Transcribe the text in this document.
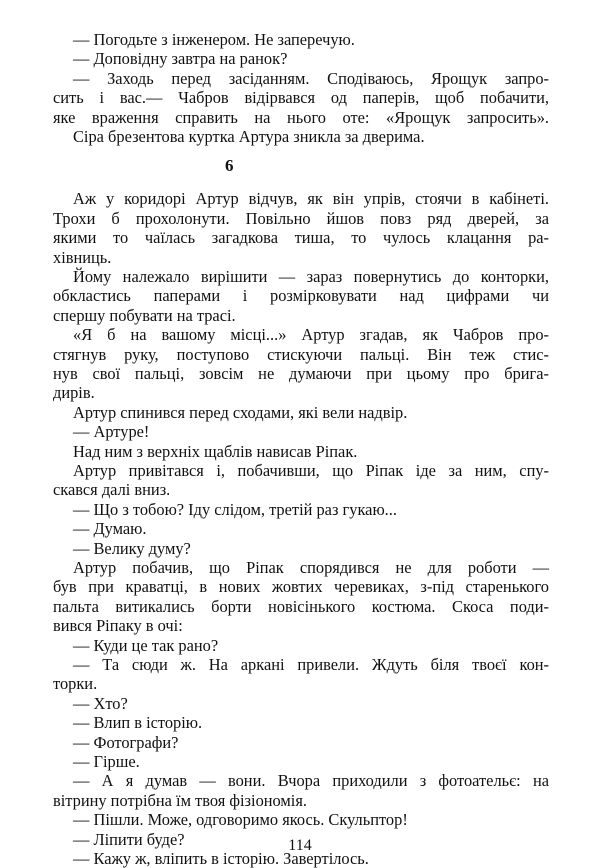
— Погодьте з інженером. Не заперечую.
— Доповідну завтра на ранок?
— Заходь перед засіданням. Сподіваюсь, Ярощук запро-
сить і вас.— Чабров відірвався од паперів, щоб побачити,
яке враження справить на нього оте: «Ярощук запросить».
Сіра брезентова куртка Артура зникла за дверима.
6
Аж у коридорі Артур відчув, як він упрів, стоячи в кабінеті.
Трохи б прохолонути. Повільно йшов повз ряд дверей, за
якими то чаїлась загадкова тиша, то чулось клацання ра-
хівниць.
Йому належало вирішити — зараз повернутись до конторки,
обкластись паперами і розмірковувати над цифрами чи
спершу побувати на трасі.
«Я б на вашому місці...» Артур згадав, як Чабров про-
стягнув руку, поступово стискуючи пальці. Він теж стис-
нув свої пальці, зовсім не думаючи при цьому про брига-
дирів.
Артур спинився перед сходами, які вели надвір.
— Артуре!
Над ним з верхніх щаблів нависав Ріпак.
Артур привітався і, побачивши, що Ріпак іде за ним, спу-
скався далі вниз.
— Що з тобою? Іду слідом, третій раз гукаю...
— Думаю.
— Велику думу?
Артур побачив, що Ріпак спорядився не для роботи —
був при краватці, в нових жовтих черевиках, з-під старенького
пальта витикались борти новісінького костюма. Скоса поди-
вився Ріпаку в очі:
— Куди це так рано?
— Та сюди ж. На аркані привели. Ждуть біля твоєї кон-
торки.
— Хто?
— Влип в історію.
— Фотографи?
— Гірше.
— А я думав — вони. Вчора приходили з фотоательє: на
вітрину потрібна їм твоя фізіономія.
— Пішли. Може, одговоримо якось. Скульптор!
— Ліпити буде?
— Кажу ж, вліпить в історію. Завертілось.
114
